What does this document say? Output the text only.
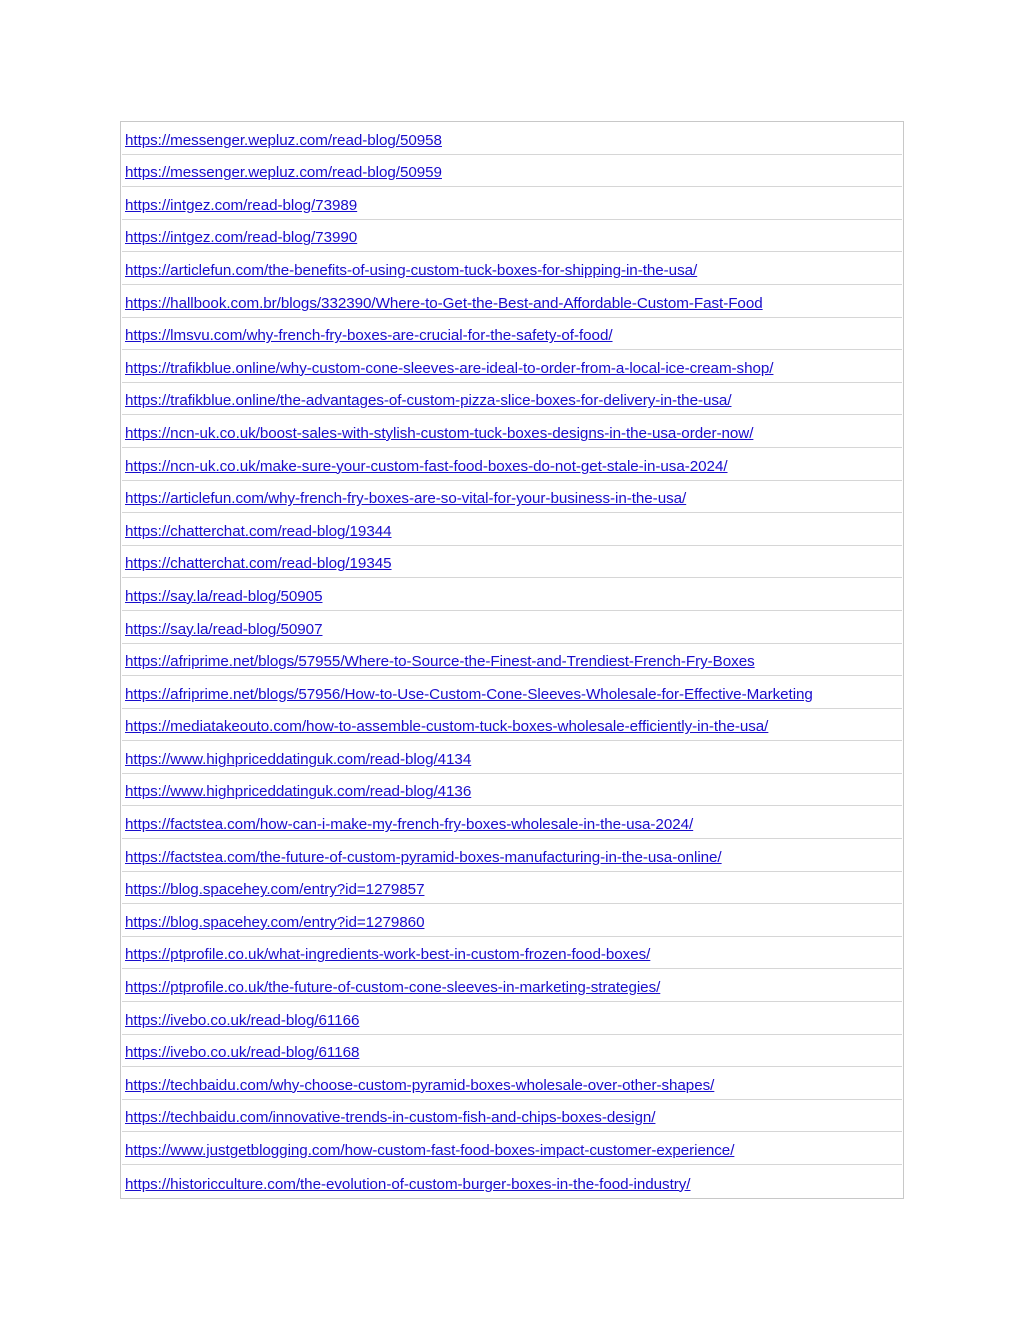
https://messenger.wepluz.com/read-blog/50958
https://messenger.wepluz.com/read-blog/50959
https://intgez.com/read-blog/73989
https://intgez.com/read-blog/73990
https://articlefun.com/the-benefits-of-using-custom-tuck-boxes-for-shipping-in-the-usa/
https://hallbook.com.br/blogs/332390/Where-to-Get-the-Best-and-Affordable-Custom-Fast-Food
https://lmsvu.com/why-french-fry-boxes-are-crucial-for-the-safety-of-food/
https://trafikblue.online/why-custom-cone-sleeves-are-ideal-to-order-from-a-local-ice-cream-shop/
https://trafikblue.online/the-advantages-of-custom-pizza-slice-boxes-for-delivery-in-the-usa/
https://ncn-uk.co.uk/boost-sales-with-stylish-custom-tuck-boxes-designs-in-the-usa-order-now/
https://ncn-uk.co.uk/make-sure-your-custom-fast-food-boxes-do-not-get-stale-in-usa-2024/
https://articlefun.com/why-french-fry-boxes-are-so-vital-for-your-business-in-the-usa/
https://chatterchat.com/read-blog/19344
https://chatterchat.com/read-blog/19345
https://say.la/read-blog/50905
https://say.la/read-blog/50907
https://afriprime.net/blogs/57955/Where-to-Source-the-Finest-and-Trendiest-French-Fry-Boxes
https://afriprime.net/blogs/57956/How-to-Use-Custom-Cone-Sleeves-Wholesale-for-Effective-Marketing
https://mediatakeouto.com/how-to-assemble-custom-tuck-boxes-wholesale-efficiently-in-the-usa/
https://www.highpriceddatinguk.com/read-blog/4134
https://www.highpriceddatinguk.com/read-blog/4136
https://factstea.com/how-can-i-make-my-french-fry-boxes-wholesale-in-the-usa-2024/
https://factstea.com/the-future-of-custom-pyramid-boxes-manufacturing-in-the-usa-online/
https://blog.spacehey.com/entry?id=1279857
https://blog.spacehey.com/entry?id=1279860
https://ptprofile.co.uk/what-ingredients-work-best-in-custom-frozen-food-boxes/
https://ptprofile.co.uk/the-future-of-custom-cone-sleeves-in-marketing-strategies/
https://ivebo.co.uk/read-blog/61166
https://ivebo.co.uk/read-blog/61168
https://techbaidu.com/why-choose-custom-pyramid-boxes-wholesale-over-other-shapes/
https://techbaidu.com/innovative-trends-in-custom-fish-and-chips-boxes-design/
https://www.justgetblogging.com/how-custom-fast-food-boxes-impact-customer-experience/
https://historicculture.com/the-evolution-of-custom-burger-boxes-in-the-food-industry/
